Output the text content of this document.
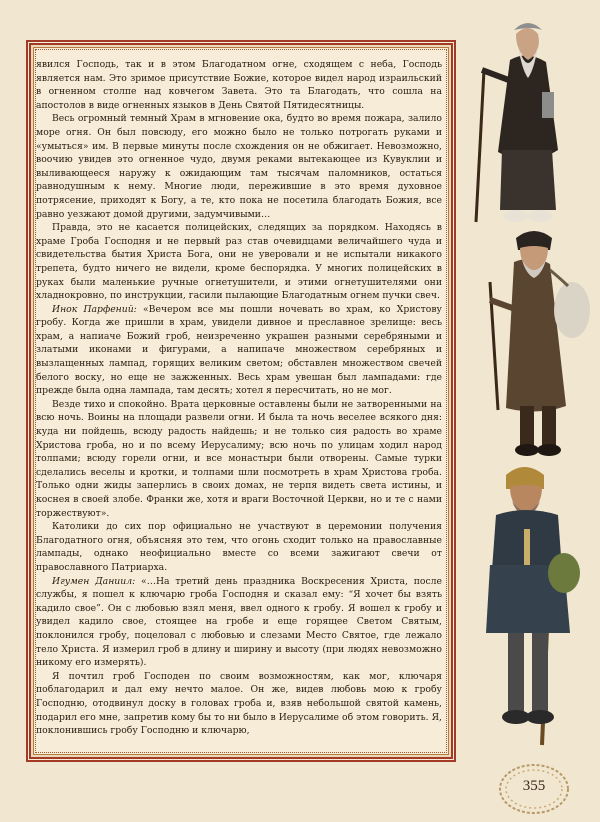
явился Господь, так и в этом Благодатном огне, сходящем с неба, Господь является нам. Это зримое присутствие Божие, которое видел народ израильский в огненном столпе над ковчегом Завета. Это та Благодать, что сошла на апостолов в виде огненных языков в День Святой Пятидесятницы.

Весь огромный темный Храм в мгновение ока, будто во время пожара, залило море огня. Он был повсюду, его можно было не только потрогать руками и «умыться» им. В первые минуты после схождения он не обжигает. Невозможно, воочию увидев это огненное чудо, двумя реками вытекающее из Кувуклии и выливающееся наружу к ожидающим там тысячам паломников, остаться равнодушным к нему. Многие люди, пережившие в это время духовное потрясение, приходят к Богу, а те, кто пока не посетила благодать Божия, все равно уезжают домой другими, задумчивыми…

Правда, это не касается полицейских, следящих за порядком. Находясь в храме Гроба Господня и не первый раз став очевидцами величайшего чуда и свидетельства бытия Христа Бога, они не уверовали и не испытали никакого трепета, будто ничего не видели, кроме беспорядка. У многих полицейских в руках были маленькие ручные огнетушители, и этими огнетушителями они хладнокровно, по инструкции, гасили пылающие Благодатным огнем пучки свеч.

Инок Парфений: «Вечером все мы пошли ночевать во храм, ко Христову гробу. Когда же пришли в храм, увидели дивное и преславное зрелище: весь храм, а напиаче Божий гроб, неизреченно украшен разными серебряными и златыми иконами и фигурами, а напипаче множеством серебряных и вызлащенных лампад, горящих великим светом; обставлен множеством свечей белого воску, но еще не зажженных. Весь храм увешан был лампадами: где прежде была одна лампада, там десять; хотел я пересчитать, но не мог.

Везде тихо и спокойно. Врата церковные оставлены были не затворенными на всю ночь. Воины на площади развели огни. И была та ночь веселее всякого дня: куда ни пойдешь, всюду радость найдешь; и не только сия радость во храме Христова гроба, но и по всему Иерусалиму; всю ночь по улицам ходил народ толпами; всюду горели огни, и все монастыри были отворены. Самые турки сделались веселы и кротки, и толпами шли посмотреть в храм Христова гроба. Только одни жиды заперлись в своих домах, не терпя видеть света истины, и коснея в своей злобе. Франки же, хотя и враги Восточной Церкви, но и те с нами торжествуют».

Католики до сих пор официально не участвуют в церемонии получения Благодатного огня, объясняя это тем, что огонь сходит только на православные лампады, однако неофициально вместе со всеми зажигают свечи от православного Патриарха.

Игумен Даниил: «…На третий день праздника Воскресения Христа, после службы, я пошел к ключарю гроба Господня и сказал ему: “Я хочет бы взять кадило свое”. Он с любовью взял меня, ввел одного к гробу. Я вошел к гробу и увидел кадило свое, стоящее на гробе и еще горящее Светом Святым, поклонился гробу, поцеловал с любовью и слезами Место Святое, где лежало тело Христа. Я измерил гроб в длину и ширину и высоту (при людях невозможно никому его измерять).

Я почтил гроб Господен по своим возможностям, как мог, ключаря поблагодарил и дал ему нечто малое. Он же, видев любовь мою к гробу Господню, отодвинул доску в головах гроба и, взяв небольшой святой камень, подарил его мне, запретив кому бы то ни было в Иерусалиме об этом говорить. Я, поклонившись гробу Господню и ключарю,

355
